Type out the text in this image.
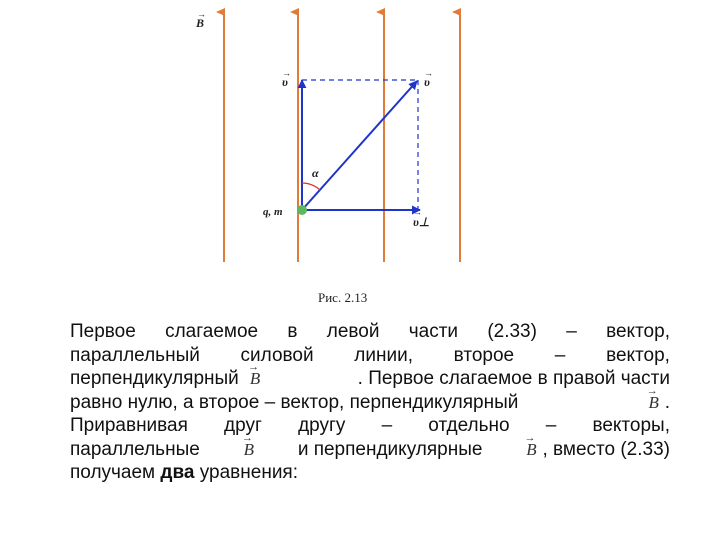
B
→
υ
→
υ
→
υ⊥
→
α
q, m
Рис. 2.13
Первое слагаемое в левой части (2.33) – вектор,
параллельный силовой линии, второе – вектор,
перпендикулярный → B	. Первое слагаемое в правой части
равно нулю, а второе – вектор, перпендикулярный	→ B .
Приравнивая друг другу – отдельно – векторы,
параллельные	→ B	и перпендикулярные	→ B , вместо (2.33)
получаем два уравнения:
